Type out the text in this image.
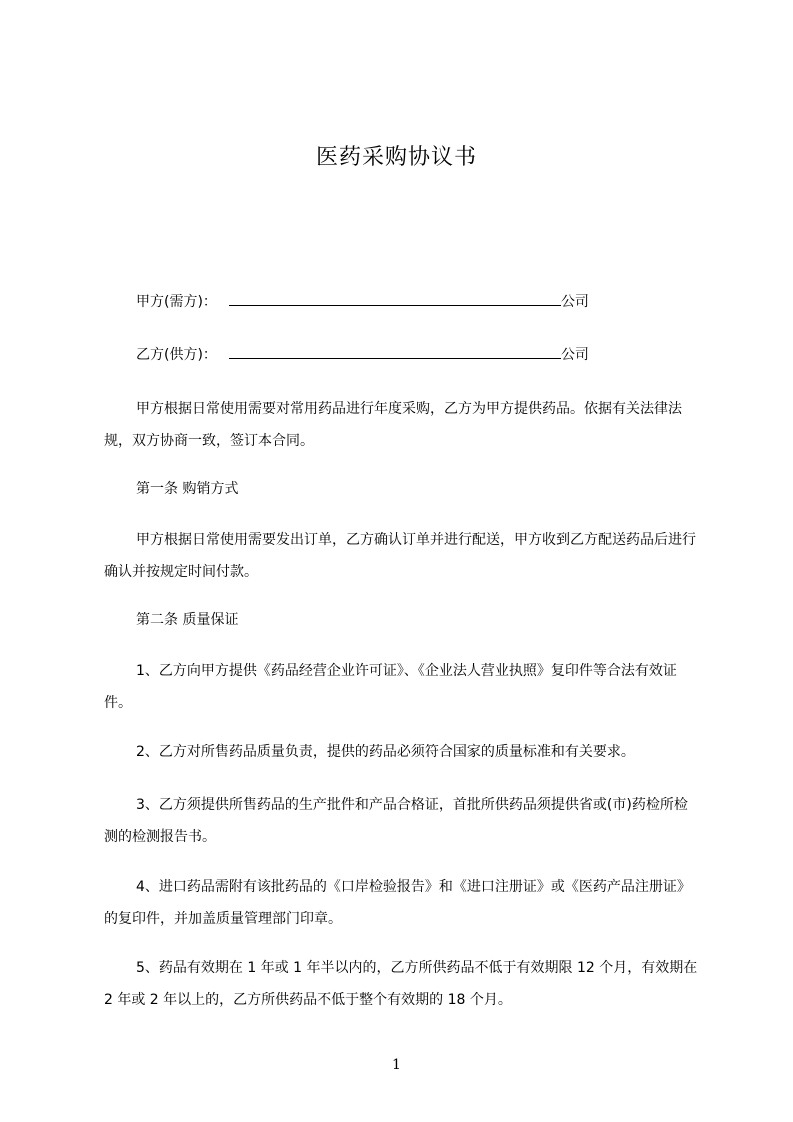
医药采购协议书
甲方(需方)：	公司
乙方(供方)：	公司
甲方根据日常使用需要对常用药品进行年度采购，乙方为甲方提供药品。依据有关法律法规，双方协商一致，签订本合同。
第一条 购销方式
甲方根据日常使用需要发出订单，乙方确认订单并进行配送，甲方收到乙方配送药品后进行确认并按规定时间付款。
第二条 质量保证
1、乙方向甲方提供《药品经营企业许可证》、《企业法人营业执照》复印件等合法有效证件。
2、乙方对所售药品质量负责，提供的药品必须符合国家的质量标准和有关要求。
3、乙方须提供所售药品的生产批件和产品合格证，首批所供药品须提供省或(市)药检所检测的检测报告书。
4、进口药品需附有该批药品的《口岸检验报告》和《进口注册证》或《医药产品注册证》的复印件，并加盖质量管理部门印章。
5、药品有效期在 1 年或 1 年半以内的，乙方所供药品不低于有效期限 12 个月，有效期在 2 年或 2 年以上的，乙方所供药品不低于整个有效期的 18 个月。
1
